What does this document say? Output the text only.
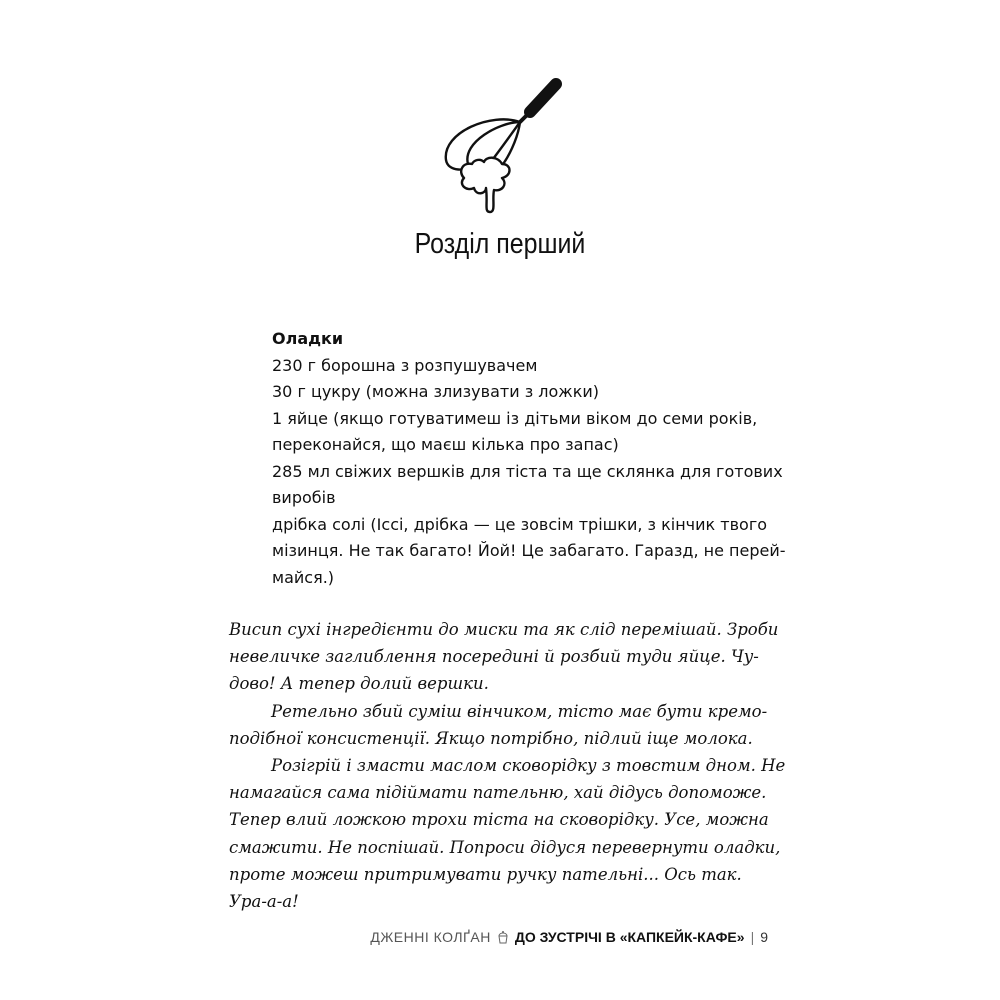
Розділ перший
Оладки
230 г борошна з розпушувачем
30 г цукру (можна злизувати з ложки)
1 яйце (якщо готуватимеш із дітьми віком до семи років,
переконайся, що маєш кілька про запас)
285 мл свіжих вершків для тіста та ще склянка для готових
виробів
дрібка солі (Іссі, дрібка — це зовсім трішки, з кінчик твого
мізинця. Не так багато! Йой! Це забагато. Гаразд, не перей-
майся.)
Висип сухі інгредієнти до миски та як слід перемішай. Зроби
невеличке заглиблення посередині й розбий туди яйце. Чу-
дово! А тепер долий вершки.
Ретельно збий суміш вінчиком, тісто має бути кремо-
подібної консистенції. Якщо потрібно, підлий іще молока.
Розігрій і змасти маслом сковорідку з товстим дном. Не
намагайся сама підіймати пательню, хай дідусь допоможе.
Тепер влий ложкою трохи тіста на сковорідку. Усе, можна
смажити. Не поспішай. Попроси дідуся перевернути оладки,
проте можеш притримувати ручку пательні... Ось так.
Ура-а-а!
ДЖЕННІ КОЛҐАН ДО ЗУСТРІЧІ В «КАПКЕЙК-КАФЕ» | 9
